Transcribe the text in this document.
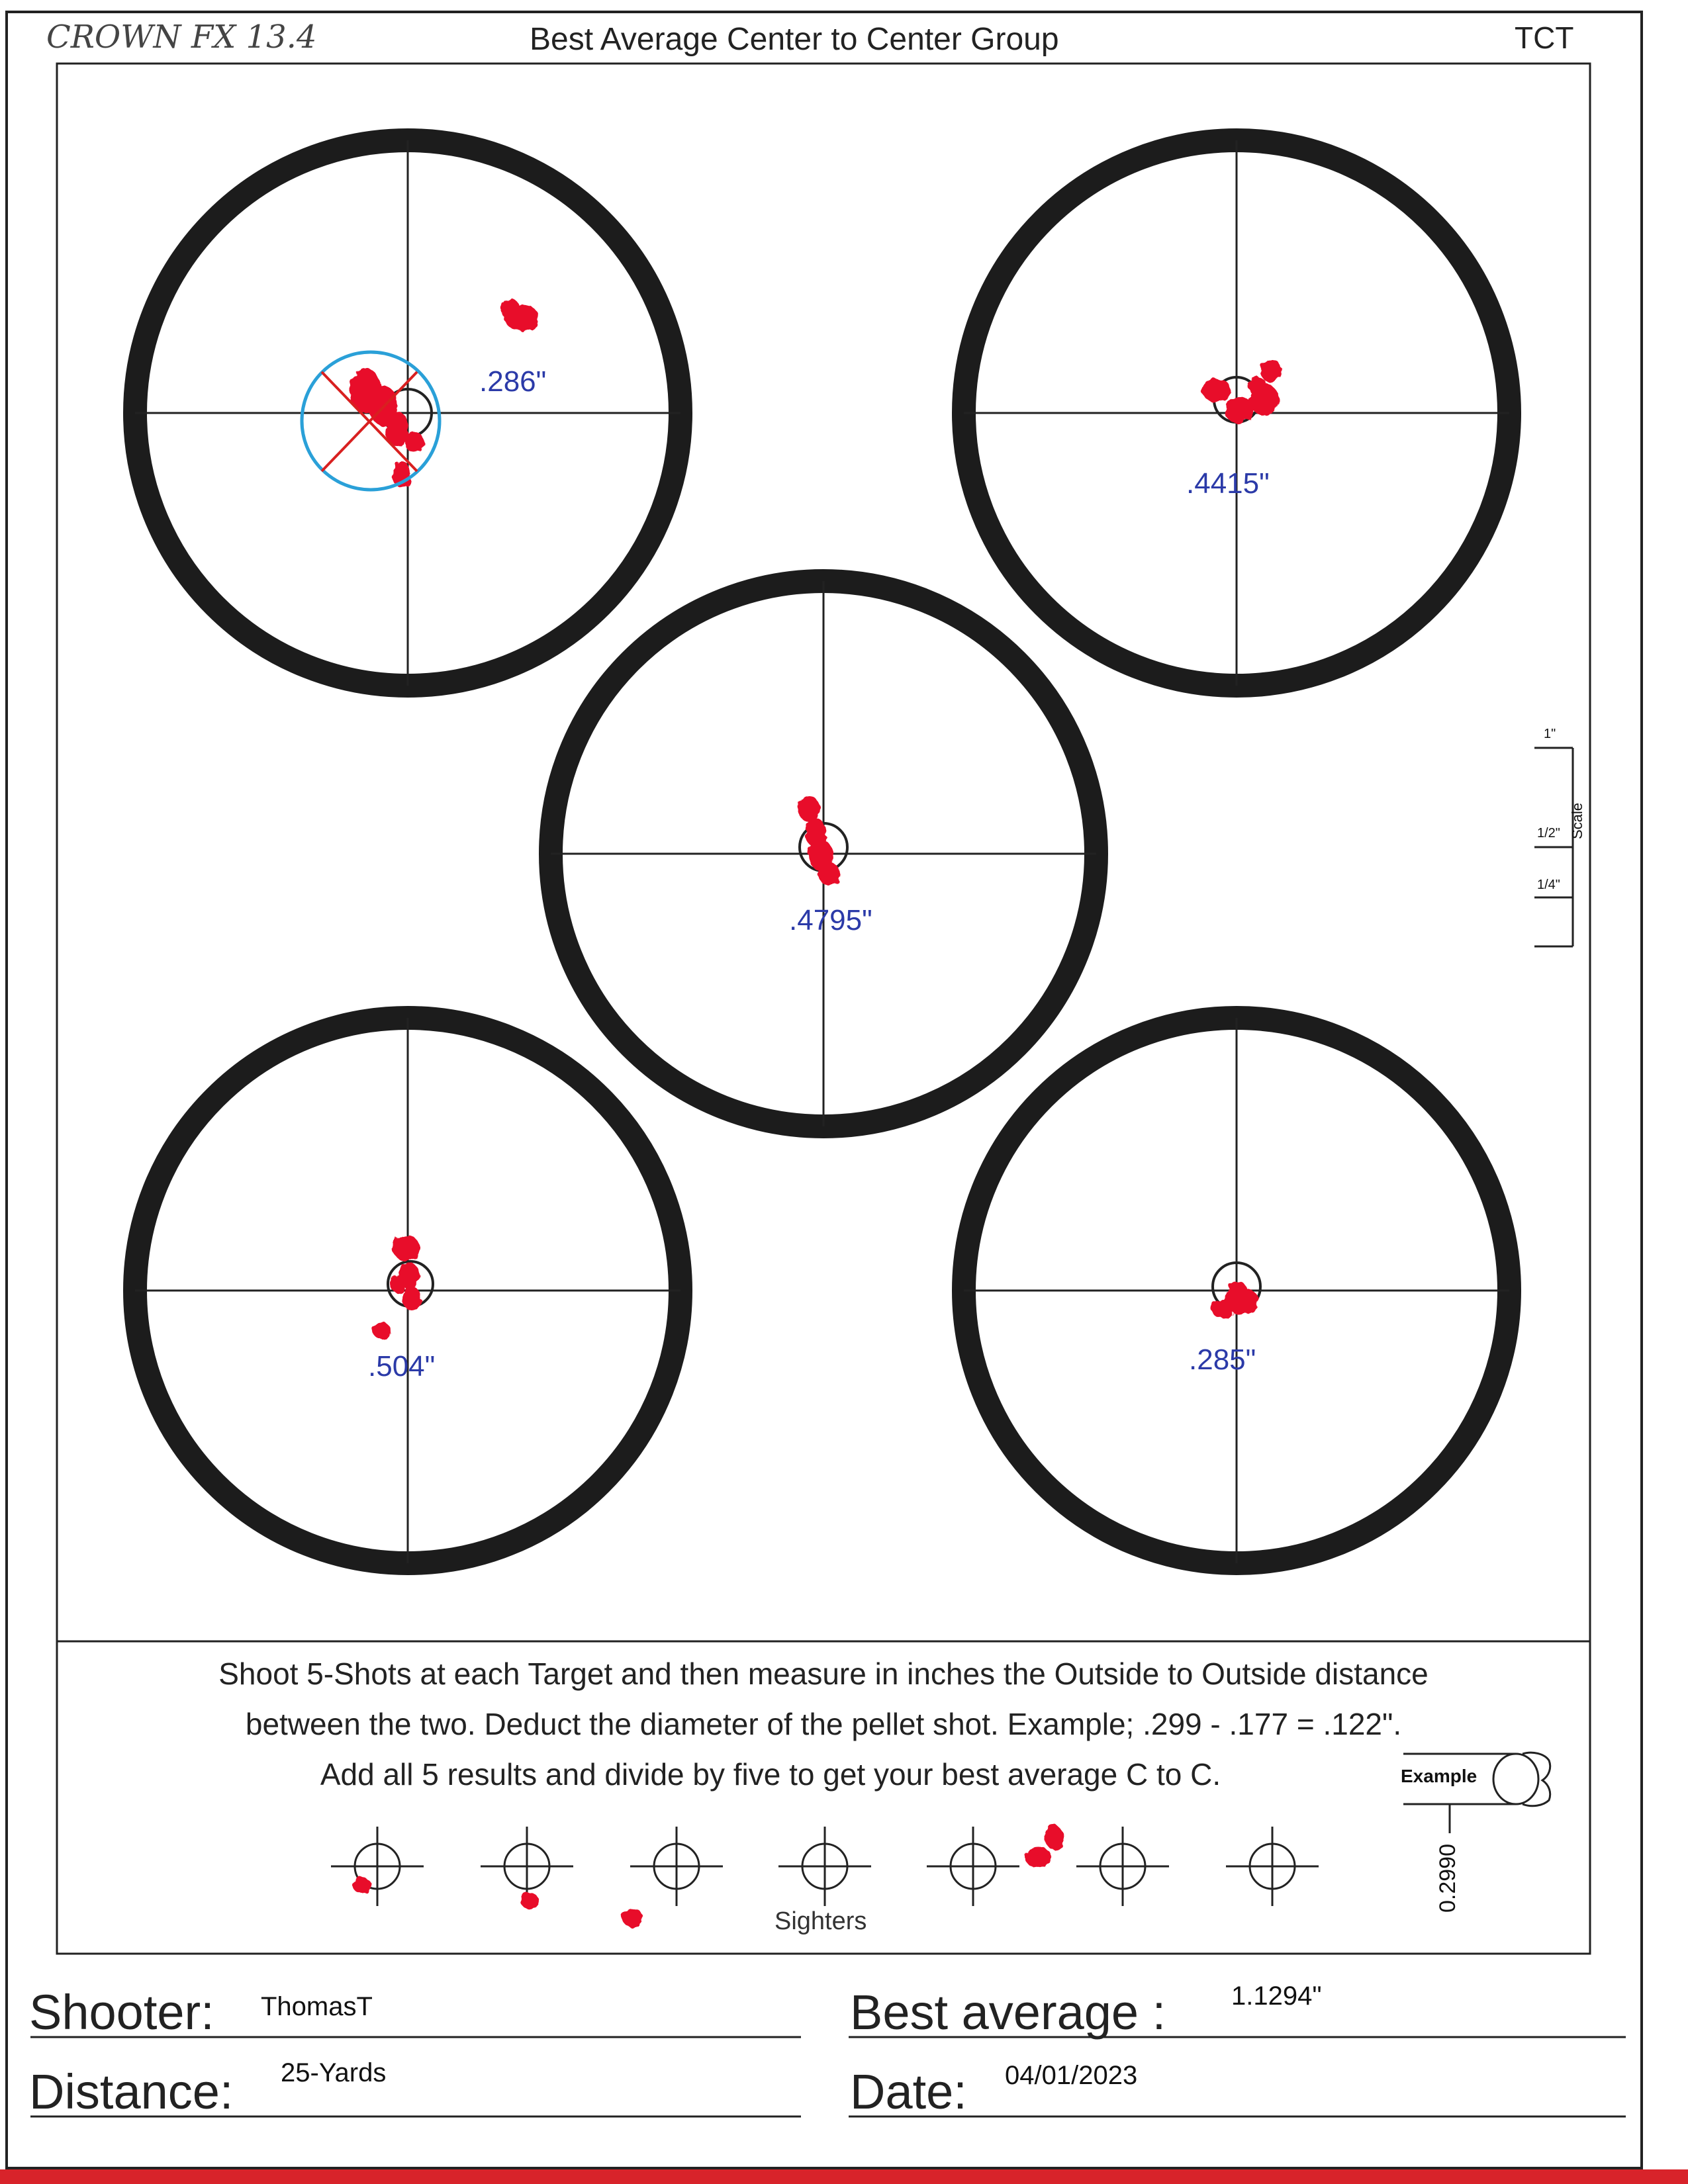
CROWN FX 13.4	Best Average Center to Center Group	TCT
.286"
.4415"
.4795"
.504"	.285"
1"
1/2"
1/4"
Scale
Shoot 5-Shots at each Target and then measure in inches the Outside to Outside distance
between the two. Deduct the diameter of the pellet shot. Example; .299 - .177 = .122".
Add all 5 results and divide by five to get your best average C to C.	Example
0.2990
Sighters
Shooter: ThomasT
Distance: 25-Yards
Best average : 1.1294"
Date: 04/01/2023
